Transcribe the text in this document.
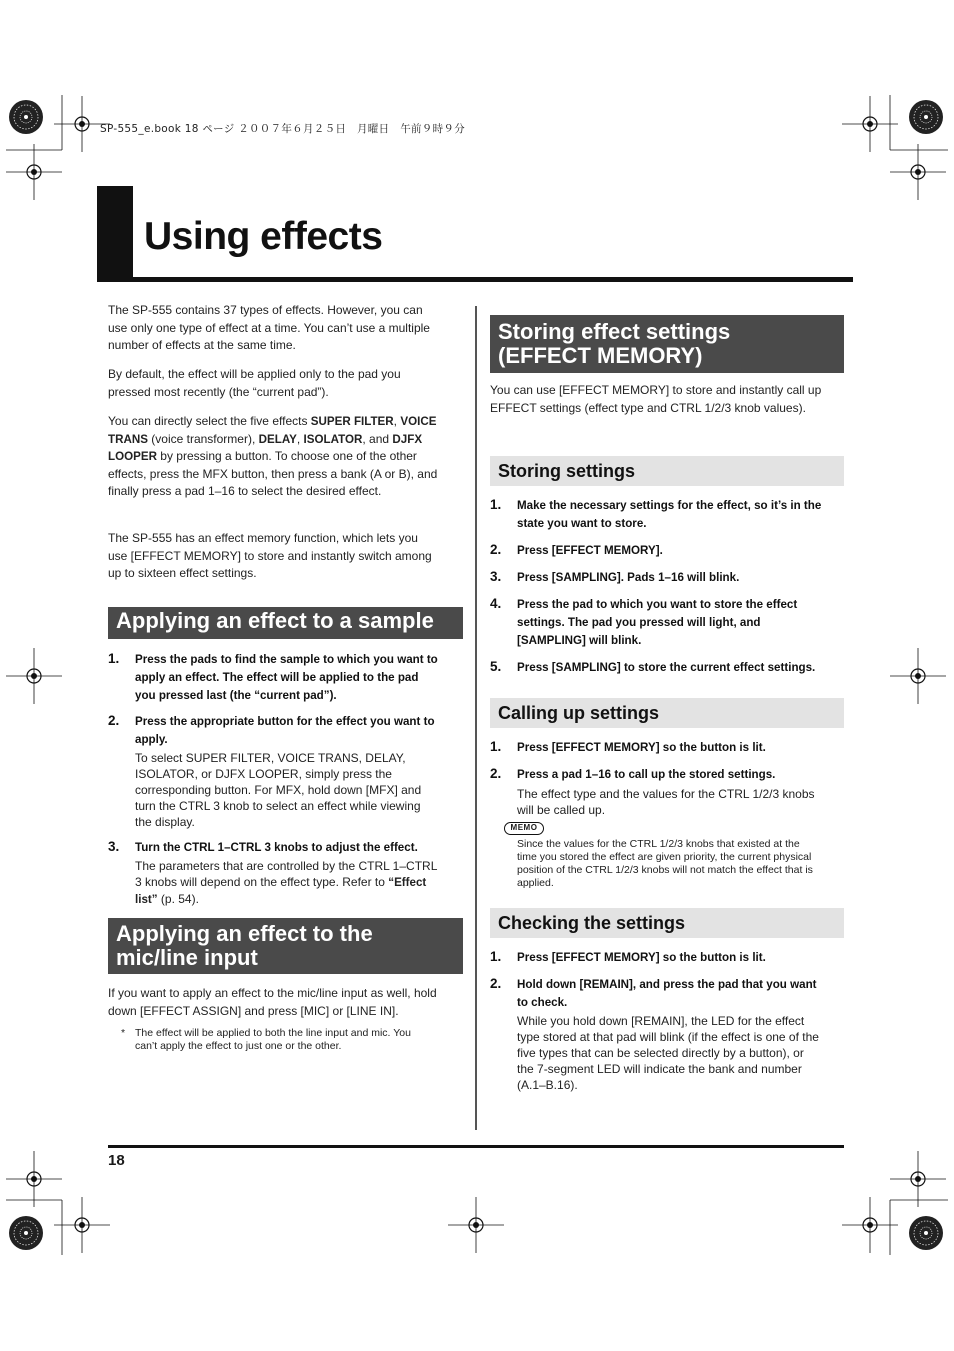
SP-555_e.book 18 ページ ２００７年６月２５日　月曜日　午前９時９分
Using effects

The SP-555 contains 37 types of effects. However, you can use only one type of effect at a time. You can’t use a multiple number of effects at the same time.

By default, the effect will be applied only to the pad you pressed most recently (the “current pad”).

You can directly select the five effects SUPER FILTER, VOICE TRANS (voice transformer), DELAY, ISOLATOR, and DJFX LOOPER by pressing a button. To choose one of the other effects, press the MFX button, then press a bank (A or B), and finally press a pad 1–16 to select the desired effect.

The SP-555 has an effect memory function, which lets you use [EFFECT MEMORY] to store and instantly switch among up to sixteen effect settings.

Applying an effect to a sample
1. Press the pads to find the sample to which you want to apply an effect. The effect will be applied to the pad you pressed last (the “current pad”).
2. Press the appropriate button for the effect you want to apply.
To select SUPER FILTER, VOICE TRANS, DELAY, ISOLATOR, or DJFX LOOPER, simply press the corresponding button. For MFX, hold down [MFX] and turn the CTRL 3 knob to select an effect while viewing the display.
3. Turn the CTRL 1–CTRL 3 knobs to adjust the effect.
The parameters that are controlled by the CTRL 1–CTRL 3 knobs will depend on the effect type. Refer to “Effect list” (p. 54).
Applying an effect to the
mic/line input

If you want to apply an effect to the mic/line input as well, hold down [EFFECT ASSIGN] and press [MIC] or [LINE IN].

* The effect will be applied to both the line input and mic. You can’t apply the effect to just one or the other.
Storing effect settings
(EFFECT MEMORY)

You can use [EFFECT MEMORY] to store and instantly call up EFFECT settings (effect type and CTRL 1/2/3 knob values).

Storing settings
1. Make the necessary settings for the effect, so it’s in the state you want to store.
2. Press [EFFECT MEMORY].
3. Press [SAMPLING]. Pads 1–16 will blink.
4. Press the pad to which you want to store the effect settings. The pad you pressed will light, and [SAMPLING] will blink.
5. Press [SAMPLING] to store the current effect settings.
Calling up settings
1. Press [EFFECT MEMORY] so the button is lit.
2. Press a pad 1–16 to call up the stored settings.
The effect type and the values for the CTRL 1/2/3 knobs will be called up.
MEMO
Since the values for the CTRL 1/2/3 knobs that existed at the time you stored the effect are given priority, the current physical position of the CTRL 1/2/3 knobs will not match the effect that is applied.
Checking the settings
1. Press [EFFECT MEMORY] so the button is lit.
2. Hold down [REMAIN], and press the pad that you want to check.
While you hold down [REMAIN], the LED for the effect type stored at that pad will blink (if the effect is one of the five types that can be selected directly by a button), or the 7-segment LED will indicate the bank and number (A.1–B.16).
18
